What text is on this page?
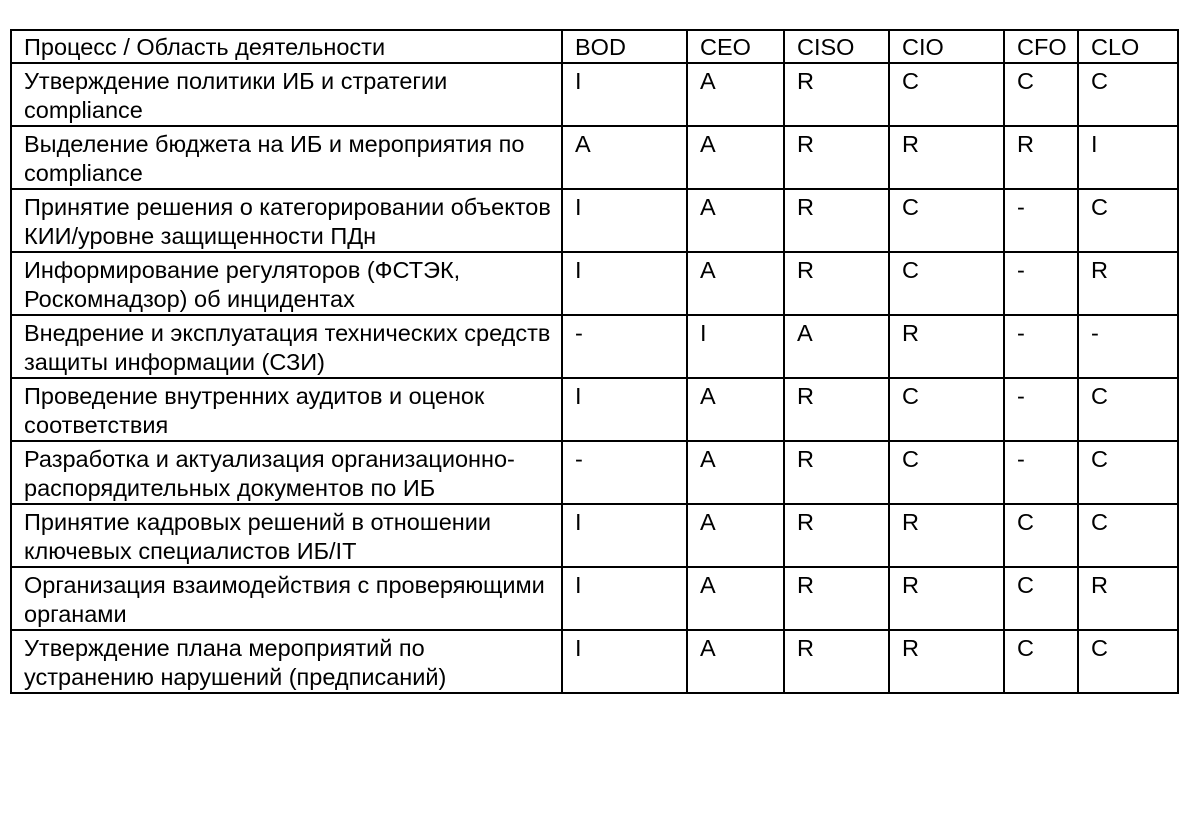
Процесс / Область деятельности	BOD	CEO	CISO	CIO	CFO	CLO
Утверждение политики ИБ и стратегии compliance	I	A	R	C	C	C
Выделение бюджета на ИБ и мероприятия по compliance	A	A	R	R	R	I
Принятие решения о категорировании объектов КИИ/уровне защищенности ПДн	I	A	R	C	-	C
Информирование регуляторов (ФСТЭК, Роскомнадзор) об инцидентах	I	A	R	C	-	R
Внедрение и эксплуатация технических средств защиты информации (СЗИ)	-	I	A	R	-	-
Проведение внутренних аудитов и оценок соответствия	I	A	R	C	-	C
Разработка и актуализация организационно-распорядительных документов по ИБ	-	A	R	C	-	C
Принятие кадровых решений в отношении ключевых специалистов ИБ/IT	I	A	R	R	C	C
Организация взаимодействия с проверяющими органами	I	A	R	R	C	R
Утверждение плана мероприятий по устранению нарушений (предписаний)	I	A	R	R	C	C
